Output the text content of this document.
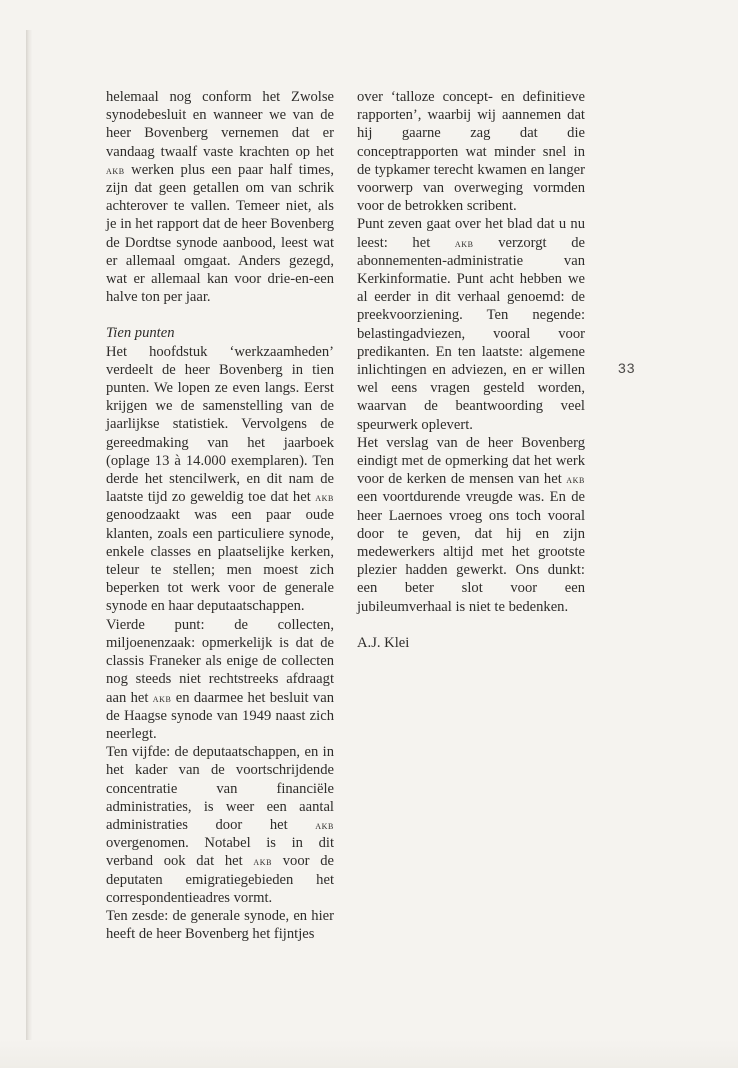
helemaal nog conform het Zwolse synodebesluit en wanneer we van de heer Bovenberg vernemen dat er vandaag twaalf vaste krachten op het akb werken plus een paar half times, zijn dat geen getallen om van schrik achterover te vallen. Temeer niet, als je in het rapport dat de heer Bovenberg de Dordtse synode aanbood, leest wat er allemaal omgaat. Anders gezegd, wat er allemaal kan voor drie-en-een halve ton per jaar.

Tien punten

Het hoofdstuk ‘werkzaamheden’ verdeelt de heer Bovenberg in tien punten. We lopen ze even langs. Eerst krijgen we de samenstelling van de jaarlijkse statistiek. Vervolgens de gereedmaking van het jaarboek (oplage 13 à 14.000 exemplaren). Ten derde het stencilwerk, en dit nam de laatste tijd zo geweldig toe dat het akb genoodzaakt was een paar oude klanten, zoals een particuliere synode, enkele classes en plaatselijke kerken, teleur te stellen; men moest zich beperken tot werk voor de generale synode en haar deputaatschappen.

Vierde punt: de collecten, miljoenenzaak: opmerkelijk is dat de classis Franeker als enige de collecten nog steeds niet rechtstreeks afdraagt aan het akb en daarmee het besluit van de Haagse synode van 1949 naast zich neerlegt.

Ten vijfde: de deputaatschappen, en in het kader van de voortschrijdende concentratie van financiële administraties, is weer een aantal administraties door het akb overgenomen. Notabel is in dit verband ook dat het akb voor de deputaten emigratiegebieden het correspondentieadres vormt.

Ten zesde: de generale synode, en hier heeft de heer Bovenberg het fijntjes

over ‘talloze concept- en definitieve rapporten’, waarbij wij aannemen dat hij gaarne zag dat die conceptrapporten wat minder snel in de typkamer terecht kwamen en langer voorwerp van overweging vormden voor de betrokken scribent.

Punt zeven gaat over het blad dat u nu leest: het akb verzorgt de abonnementen-administratie van Kerkinformatie. Punt acht hebben we al eerder in dit verhaal genoemd: de preekvoorziening. Ten negende: belastingadviezen, vooral voor predikanten. En ten laatste: algemene inlichtingen en adviezen, en er willen wel eens vragen gesteld worden, waarvan de beantwoording veel speurwerk oplevert.

Het verslag van de heer Bovenberg eindigt met de opmerking dat het werk voor de kerken de mensen van het akb een voortdurende vreugde was. En de heer Laernoes vroeg ons toch vooral door te geven, dat hij en zijn medewerkers altijd met het grootste plezier hadden gewerkt. Ons dunkt: een beter slot voor een jubileumverhaal is niet te bedenken.

A.J. Klei

33
